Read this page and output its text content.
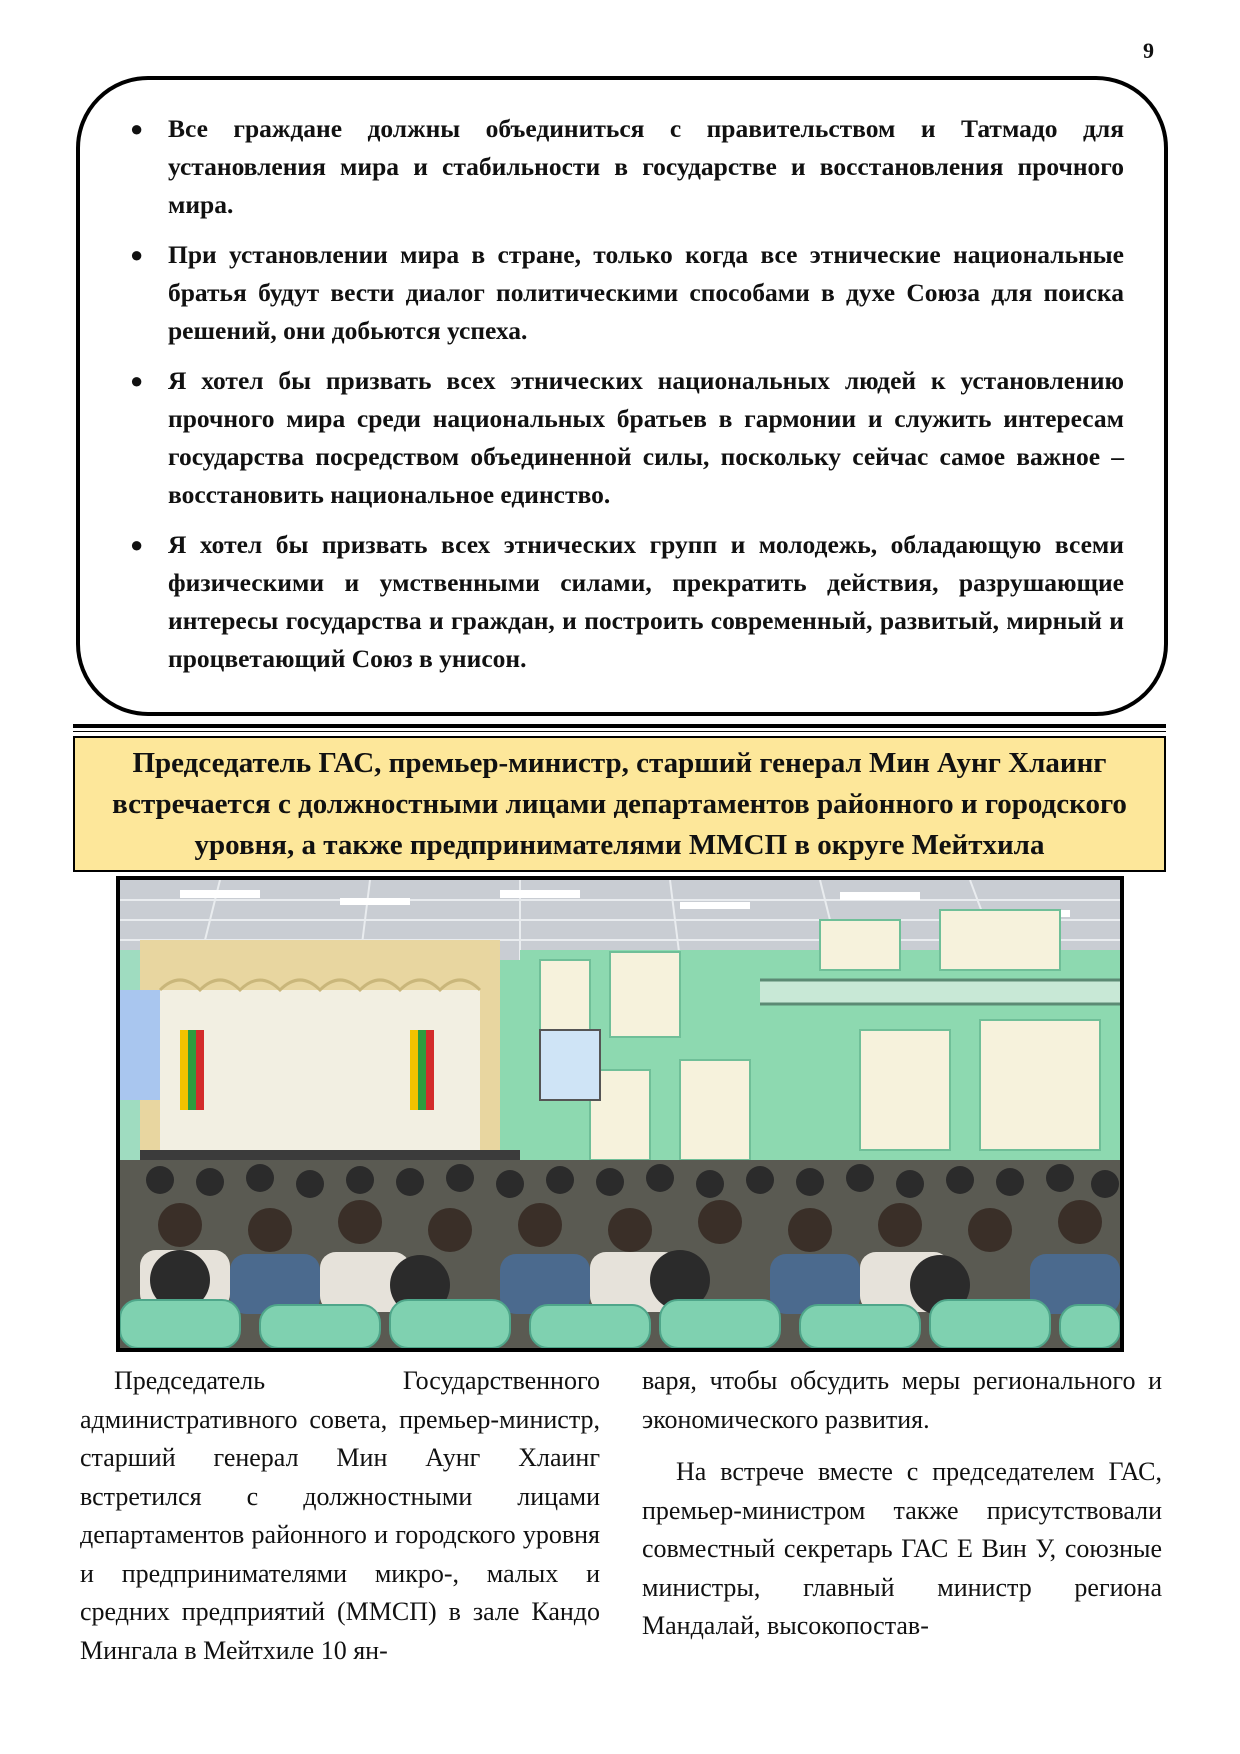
9
● Все граждане должны объединиться с правительством и Татмадо для установления мира и стабильности в государстве и восстановления прочного мира.
● При установлении мира в стране, только когда все этнические национальные братья будут вести диалог политическими способами в духе Союза для поиска решений, они добьются успеха.
● Я хотел бы призвать всех этнических национальных людей к установлению прочного мира среди национальных братьев в гармонии и служить интересам государства посредством объединенной силы, поскольку сейчас самое важное – восстановить национальное единство.
● Я хотел бы призвать всех этнических групп и молодежь, обладающую всеми физическими и умственными силами, прекратить действия, разрушающие интересы государства и граждан, и построить современный, развитый, мирный и процветающий Союз в унисон.
Председатель ГАС, премьер-министр, старший генерал Мин Аунг Хлаинг встречается с должностными лицами департаментов районного и городского уровня, а также предпринимателями ММСП в округе Мейтхила

Председатель Государственного административного совета, премьер-министр, старший генерал Мин Аунг Хлаинг встретился с должностными лицами департаментов районного и городского уровня и предпринимателями микро-, малых и средних предприятий (ММСП) в зале Кандо Мингала в Мейтхиле 10 ян-

варя, чтобы обсудить меры регионального и экономического развития.

На встрече вместе с председателем ГАС, премьер-министром также присутствовали совместный секретарь ГАС Е Вин У, союзные министры, главный министр региона Мандалай, высокопостав-
